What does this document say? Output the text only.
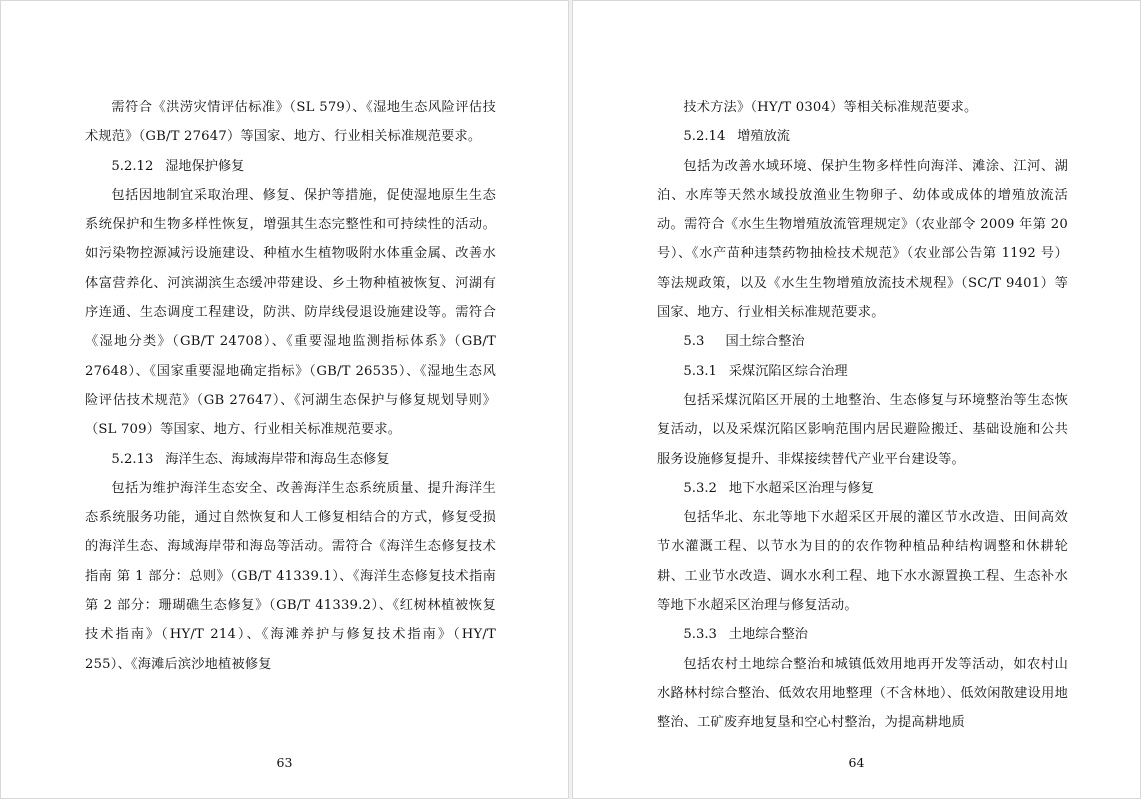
需符合《洪涝灾情评估标准》（SL 579）、《湿地生态风险评估技术规范》（GB/T 27647）等国家、地方、行业相关标准规范要求。

5.2.12 湿地保护修复

包括因地制宜采取治理、修复、保护等措施，促使湿地原生生态系统保护和生物多样性恢复，增强其生态完整性和可持续性的活动。如污染物控源减污设施建设、种植水生植物吸附水体重金属、改善水体富营养化、河滨湖滨生态缓冲带建设、乡土物种植被恢复、河湖有序连通、生态调度工程建设，防洪、防岸线侵退设施建设等。需符合《湿地分类》（GB/T 24708）、《重要湿地监测指标体系》（GB/T 27648）、《国家重要湿地确定指标》（GB/T 26535）、《湿地生态风险评估技术规范》（GB 27647）、《河湖生态保护与修复规划导则》（SL 709）等国家、地方、行业相关标准规范要求。

5.2.13 海洋生态、海域海岸带和海岛生态修复

包括为维护海洋生态安全、改善海洋生态系统质量、提升海洋生态系统服务功能，通过自然恢复和人工修复相结合的方式，修复受损的海洋生态、海域海岸带和海岛等活动。需符合《海洋生态修复技术指南 第 1 部分：总则》（GB/T 41339.1）、《海洋生态修复技术指南 第 2 部分：珊瑚礁生态修复》（GB/T 41339.2）、《红树林植被恢复技术指南》（HY/T 214）、《海滩养护与修复技术指南》（HY/T 255）、《海滩后滨沙地植被修复

63

技术方法》（HY/T 0304）等相关标准规范要求。

5.2.14 增殖放流

包括为改善水域环境、保护生物多样性向海洋、滩涂、江河、湖泊、水库等天然水域投放渔业生物卵子、幼体或成体的增殖放流活动。需符合《水生生物增殖放流管理规定》（农业部令 2009 年第 20 号）、《水产苗种违禁药物抽检技术规范》（农业部公告第 1192 号）等法规政策，以及《水生生物增殖放流技术规程》（SC/T 9401）等国家、地方、行业相关标准规范要求。

5.3 国土综合整治

5.3.1 采煤沉陷区综合治理

包括采煤沉陷区开展的土地整治、生态修复与环境整治等生态恢复活动，以及采煤沉陷区影响范围内居民避险搬迁、基础设施和公共服务设施修复提升、非煤接续替代产业平台建设等。

5.3.2 地下水超采区治理与修复

包括华北、东北等地下水超采区开展的灌区节水改造、田间高效节水灌溉工程、以节水为目的的农作物种植品种结构调整和休耕轮耕、工业节水改造、调水水利工程、地下水水源置换工程、生态补水等地下水超采区治理与修复活动。

5.3.3 土地综合整治

包括农村土地综合整治和城镇低效用地再开发等活动，如农村山水路林村综合整治、低效农用地整理（不含林地）、低效闲散建设用地整治、工矿废弃地复垦和空心村整治，为提高耕地质

64
